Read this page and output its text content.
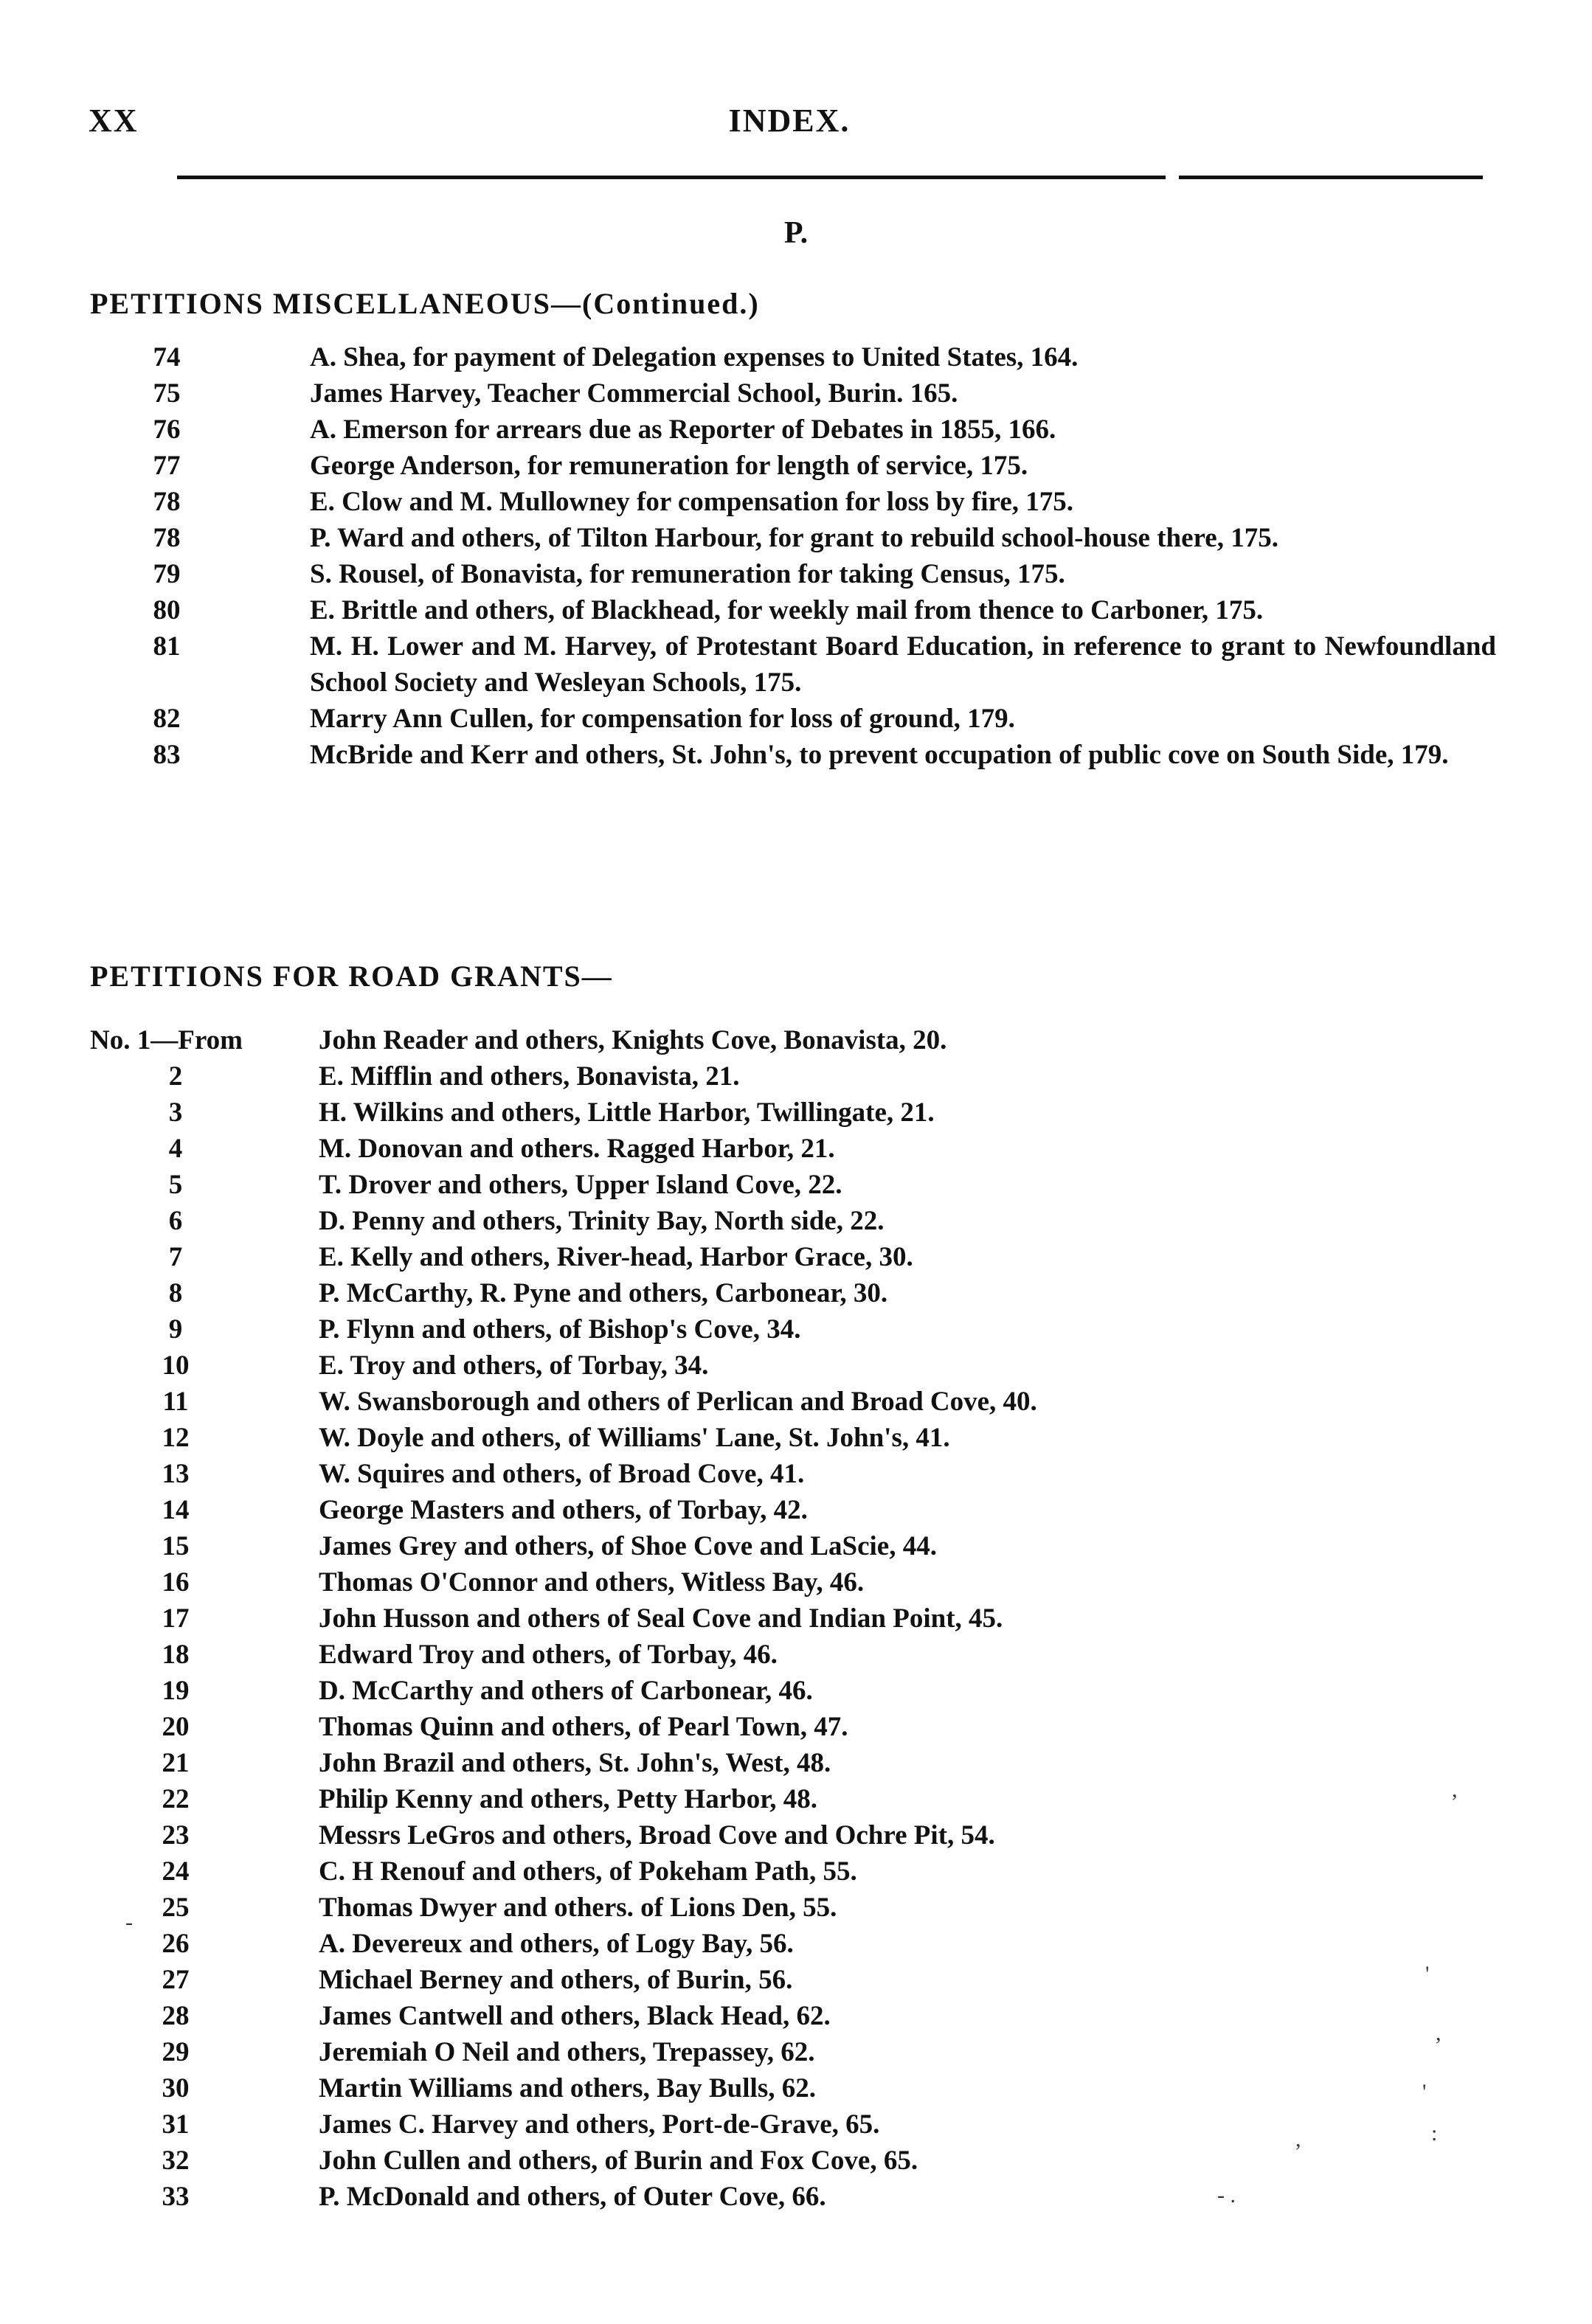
XX	INDEX.
P.
PETITIONS MISCELLANEOUS—(Continued.)
74	A. Shea, for payment of Delegation expenses to United States, 164.
75	James Harvey, Teacher Commercial School, Burin. 165.
76	A. Emerson for arrears due as Reporter of Debates in 1855, 166.
77	George Anderson, for remuneration for length of service, 175.
78	E. Clow and M. Mullowney for compensation for loss by fire, 175.
78	P. Ward and others, of Tilton Harbour, for grant to rebuild school-house there, 175.
79	S. Rousel, of Bonavista, for remuneration for taking Census, 175.
80	E. Brittle and others, of Blackhead, for weekly mail from thence to Carboner, 175.
81	M. H. Lower and M. Harvey, of Protestant Board Education, in reference to grant to Newfoundland School Society and Wesleyan Schools, 175.
82	Marry Ann Cullen, for compensation for loss of ground, 179.
83	McBride and Kerr and others, St. John's, to prevent occupation of public cove on South Side, 179.
PETITIONS FOR ROAD GRANTS—
No. 1—From	John Reader and others, Knights Cove, Bonavista, 20.
2	E. Mifflin and others, Bonavista, 21.
3	H. Wilkins and others, Little Harbor, Twillingate, 21.
4	M. Donovan and others. Ragged Harbor, 21.
5	T. Drover and others, Upper Island Cove, 22.
6	D. Penny and others, Trinity Bay, North side, 22.
7	E. Kelly and others, River-head, Harbor Grace, 30.
8	P. McCarthy, R. Pyne and others, Carbonear, 30.
9	P. Flynn and others, of Bishop's Cove, 34.
10	E. Troy and others, of Torbay, 34.
11	W. Swansborough and others of Perlican and Broad Cove, 40.
12	W. Doyle and others, of Williams' Lane, St. John's, 41.
13	W. Squires and others, of Broad Cove, 41.
14	George Masters and others, of Torbay, 42.
15	James Grey and others, of Shoe Cove and LaScie, 44.
16	Thomas O'Connor and others, Witless Bay, 46.
17	John Husson and others of Seal Cove and Indian Point, 45.
18	Edward Troy and others, of Torbay, 46.
19	D. McCarthy and others of Carbonear, 46.
20	Thomas Quinn and others, of Pearl Town, 47.
21	John Brazil and others, St. John's, West, 48.
22	Philip Kenny and others, Petty Harbor, 48.
23	Messrs LeGros and others, Broad Cove and Ochre Pit, 54.
24	C. H Renouf and others, of Pokeham Path, 55.
25	Thomas Dwyer and others. of Lions Den, 55.
26	A. Devereux and others, of Logy Bay, 56.
27	Michael Berney and others, of Burin, 56.
28	James Cantwell and others, Black Head, 62.
29	Jeremiah O Neil and others, Trepassey, 62.
30	Martin Williams and others, Bay Bulls, 62.
31	James C. Harvey and others, Port-de-Grave, 65.
32	John Cullen and others, of Burin and Fox Cove, 65.
33	P. McDonald and others, of Outer Cove, 66.
,
-
'
,
'
:
,
- .
